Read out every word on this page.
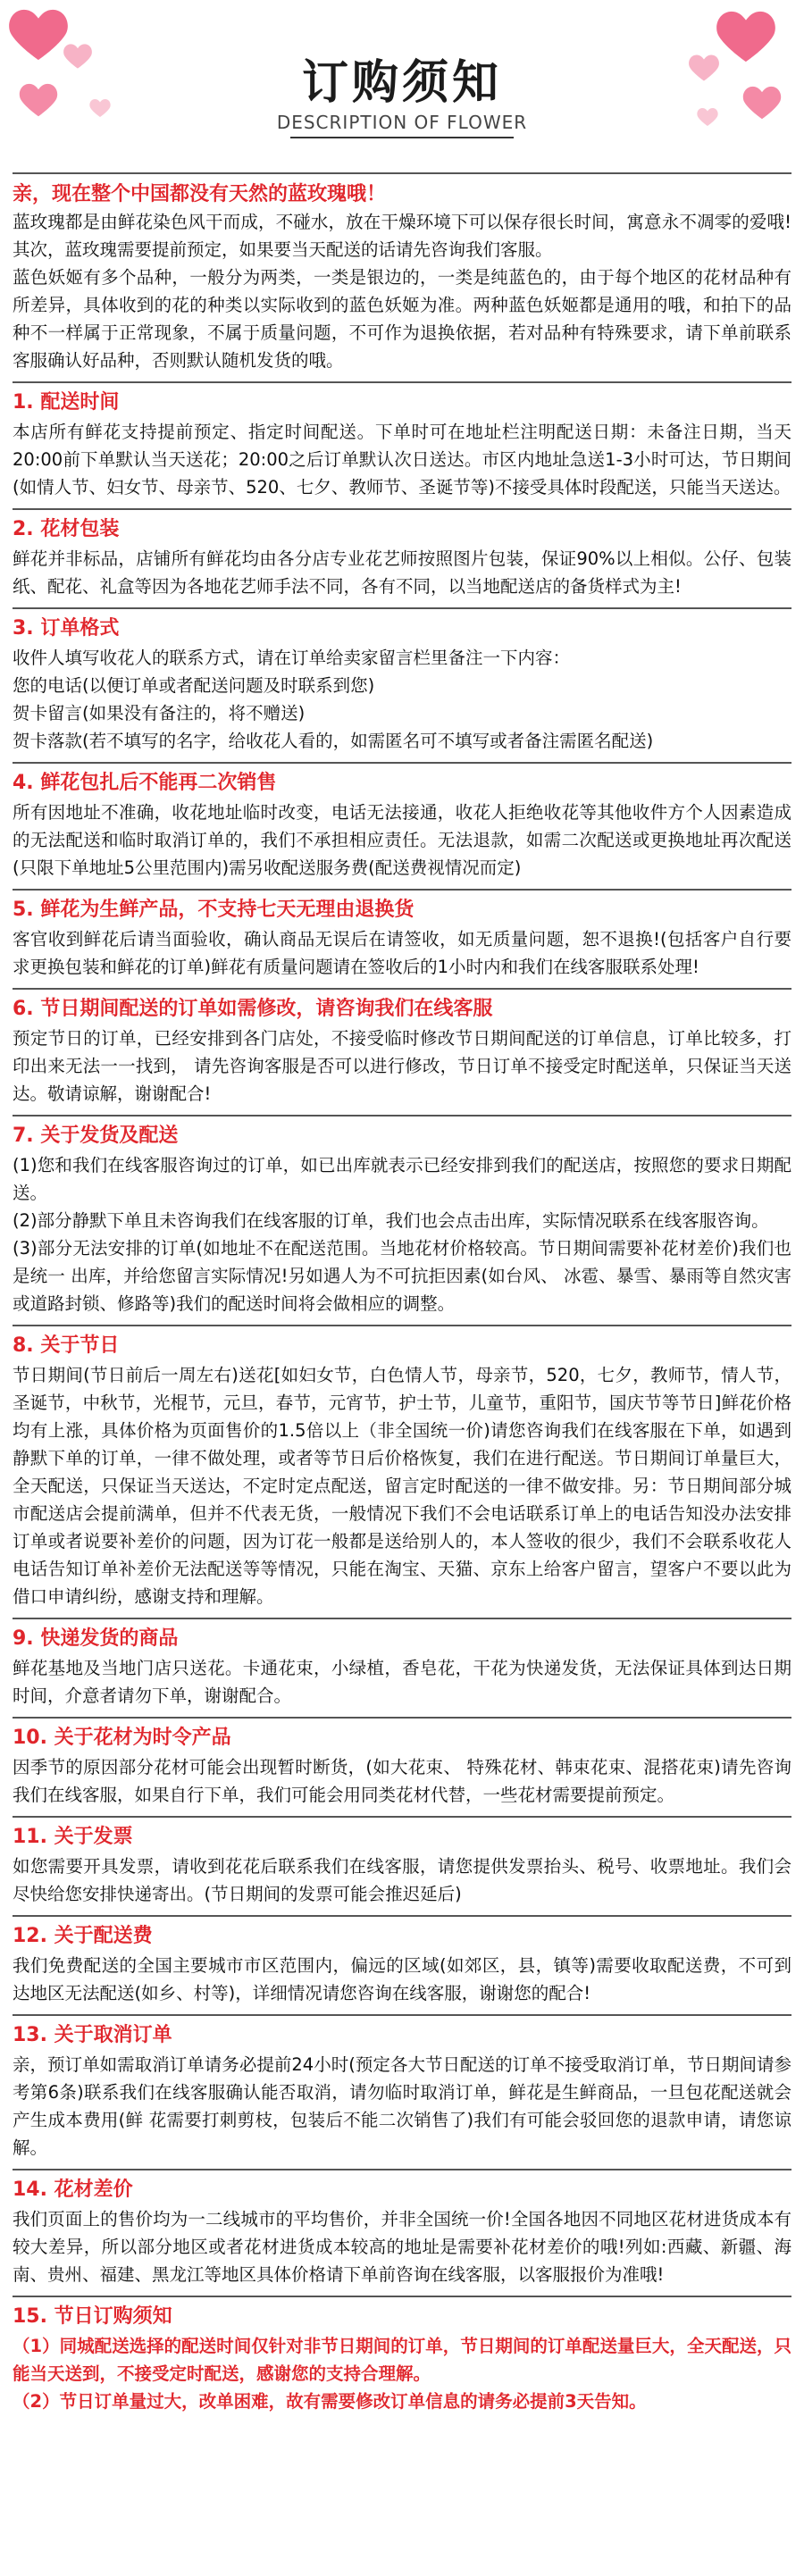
订购须知
DESCRIPTION OF FLOWER
亲，现在整个中国都没有天然的蓝玫瑰哦！

蓝玫瑰都是由鲜花染色风干而成，不碰水，放在干燥环境下可以保存很长时间，寓意永不凋零的爱哦!其次，蓝玫瑰需要提前预定，如果要当天配送的话请先咨询我们客服。

蓝色妖姬有多个品种，一般分为两类，一类是银边的，一类是纯蓝色的，由于每个地区的花材品种有所差异，具体收到的花的种类以实际收到的蓝色妖姬为准。两种蓝色妖姬都是通用的哦，和拍下的品种不一样属于正常现象，不属于质量问题，不可作为退换依据，若对品种有特殊要求，请下单前联系客服确认好品种，否则默认随机发货的哦。

1. 配送时间

本店所有鲜花支持提前预定、指定时间配送。下单时可在地址栏注明配送日期：未备注日期，当天20:00前下单默认当天送花；20:00之后订单默认次日送达。市区内地址急送1-3小时可达，节日期间(如情人节、妇女节、母亲节、520、七夕、教师节、圣诞节等)不接受具体时段配送，只能当天送达。

2. 花材包装

鲜花并非标品，店铺所有鲜花均由各分店专业花艺师按照图片包装，保证90%以上相似。公仔、包装纸、配花、礼盒等因为各地花艺师手法不同，各有不同，以当地配送店的备货样式为主!

3. 订单格式

收件人填写收花人的联系方式，请在订单给卖家留言栏里备注一下内容：

您的电话(以便订单或者配送问题及时联系到您)

贺卡留言(如果没有备注的，将不赠送)

贺卡落款(若不填写的名字，给收花人看的，如需匿名可不填写或者备注需匿名配送)

4. 鲜花包扎后不能再二次销售

所有因地址不准确，收花地址临时改变，电话无法接通，收花人拒绝收花等其他收件方个人因素造成的无法配送和临时取消订单的，我们不承担相应责任。无法退款，如需二次配送或更换地址再次配送(只限下单地址5公里范围内)需另收配送服务费(配送费视情况而定)

5. 鲜花为生鲜产品，不支持七天无理由退换货

客官收到鲜花后请当面验收，确认商品无误后在请签收，如无质量问题，恕不退换!(包括客户自行要求更换包装和鲜花的订单)鲜花有质量问题请在签收后的1小时内和我们在线客服联系处理!

6. 节日期间配送的订单如需修改，请咨询我们在线客服

预定节日的订单，已经安排到各门店处，不接受临时修改节日期间配送的订单信息，订单比较多，打印出来无法一一找到， 请先咨询客服是否可以进行修改，节日订单不接受定时配送单，只保证当天送达。敬请谅解，谢谢配合!

7. 关于发货及配送

(1)您和我们在线客服咨询过的订单，如已出库就表示已经安排到我们的配送店，按照您的要求日期配送。

(2)部分静默下单且未咨询我们在线客服的订单，我们也会点击出库，实际情况联系在线客服咨询。

(3)部分无法安排的订单(如地址不在配送范围。当地花材价格较高。节日期间需要补花材差价)我们也是统一 出库，并给您留言实际情况!另如遇人为不可抗拒因素(如台风、 冰雹、暴雪、暴雨等自然灾害或道路封锁、修路等)我们的配送时间将会做相应的调整。

8. 关于节日

节日期间(节日前后一周左右)送花[如妇女节，白色情人节，母亲节，520，七夕，教师节，情人节，圣诞节，中秋节，光棍节，元旦，春节，元宵节，护士节，儿童节，重阳节，国庆节等节日]鲜花价格均有上涨，具体价格为页面售价的1.5倍以上（非全国统一价)请您咨询我们在线客服在下单，如遇到静默下单的订单，一律不做处理，或者等节日后价格恢复，我们在进行配送。节日期间订单量巨大，全天配送，只保证当天送达，不定时定点配送，留言定时配送的一律不做安排。另：节日期间部分城市配送店会提前满单，但并不代表无货，一般情况下我们不会电话联系订单上的电话告知没办法安排订单或者说要补差价的问题，因为订花一般都是送给别人的，本人签收的很少，我们不会联系收花人电话告知订单补差价无法配送等等情况，只能在淘宝、天猫、京东上给客户留言，望客户不要以此为借口申请纠纷，感谢支持和理解。

9. 快递发货的商品

鲜花基地及当地门店只送花。卡通花束，小绿植，香皂花，干花为快递发货，无法保证具体到达日期时间，介意者请勿下单，谢谢配合。

10. 关于花材为时令产品

因季节的原因部分花材可能会出现暂时断货，(如大花束、 特殊花材、韩束花束、混搭花束)请先咨询我们在线客服，如果自行下单，我们可能会用同类花材代替，一些花材需要提前预定。

11. 关于发票

如您需要开具发票，请收到花花后联系我们在线客服，请您提供发票抬头、税号、收票地址。我们会尽快给您安排快递寄出。(节日期间的发票可能会推迟延后)

12. 关于配送费

我们免费配送的全国主要城市市区范围内，偏远的区域(如郊区，县，镇等)需要收取配送费，不可到达地区无法配送(如乡、村等)，详细情况请您咨询在线客服，谢谢您的配合!

13. 关于取消订单

亲，预订单如需取消订单请务必提前24小时(预定各大节日配送的订单不接受取消订单，节日期间请参考第6条)联系我们在线客服确认能否取消，请勿临时取消订单，鲜花是生鲜商品，一旦包花配送就会产生成本费用(鲜 花需要打刺剪枝，包装后不能二次销售了)我们有可能会驳回您的退款申请，请您谅解。

14. 花材差价

我们页面上的售价均为一二线城市的平均售价，并非全国统一价!全国各地因不同地区花材进货成本有较大差异，所以部分地区或者花材进货成本较高的地址是需要补花材差价的哦!列如:西藏、新疆、海南、贵州、福建、黑龙江等地区具体价格请下单前咨询在线客服，以客服报价为准哦!

15. 节日订购须知

（1）同城配送选择的配送时间仅针对非节日期间的订单，节日期间的订单配送量巨大，全天配送，只能当天送到，不接受定时配送，感谢您的支持合理解。

（2）节日订单量过大，改单困难，故有需要修改订单信息的请务必提前3天告知。
